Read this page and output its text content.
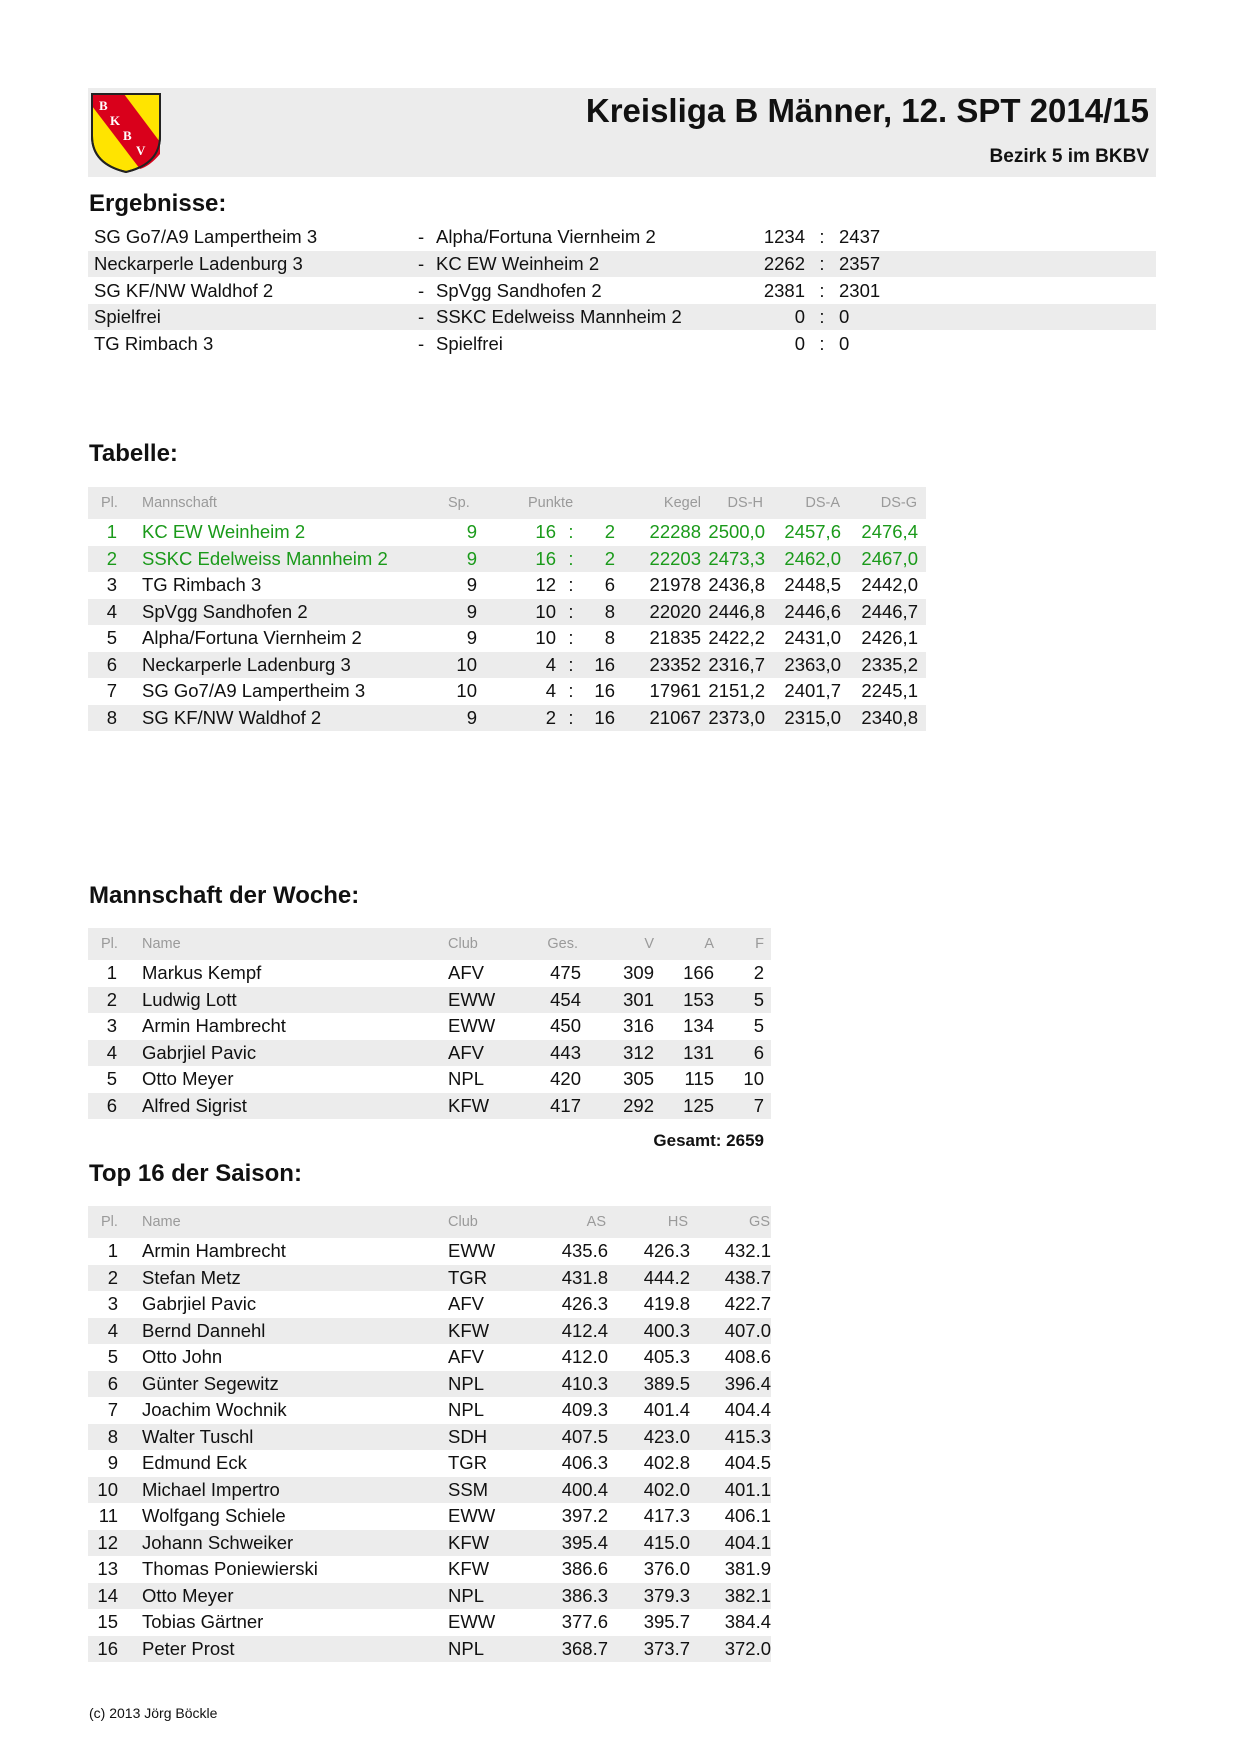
B
K
B
V
Kreisliga B Männer, 12. SPT 2014/15
Bezirk 5 im BKBV
Ergebnisse:
SG Go7/A9 Lampertheim 3	- Alpha/Fortuna Viernheim 2	1234 : 2437
Neckarperle Ladenburg 3	- KC EW Weinheim 2	2262 : 2357
SG KF/NW Waldhof 2	- SpVgg Sandhofen 2	2381 : 2301
Spielfrei	- SSKC Edelweiss Mannheim 2	0 : 0
TG Rimbach 3	- Spielfrei	0 : 0
Tabelle:
Pl. Mannschaft	Sp.	Punkte	Kegel	DS-H	DS-A	DS-G
1 KC EW Weinheim 2	9	16 :	2	22288 2500,0	2457,6	2476,4
2 SSKC Edelweiss Mannheim 2	9	16 :	2	22203 2473,3	2462,0	2467,0
3 TG Rimbach 3	9	12 :	6	21978 2436,8	2448,5	2442,0
4 SpVgg Sandhofen 2	9	10 :	8	22020 2446,8	2446,6	2446,7
5 Alpha/Fortuna Viernheim 2	9	10 :	8	21835 2422,2	2431,0	2426,1
6 Neckarperle Ladenburg 3	10	4 :	16	23352 2316,7	2363,0	2335,2
7 SG Go7/A9 Lampertheim 3	10	4 :	16	17961 2151,2	2401,7	2245,1
8 SG KF/NW Waldhof 2	9	2 :	16	21067 2373,0	2315,0	2340,8
Mannschaft der Woche:
Pl. Name	Club	Ges.	V	A	F
1 Markus Kempf	AFV	475	309	166	2
2 Ludwig Lott	EWW	454	301	153	5
3 Armin Hambrecht	EWW	450	316	134	5
4 Gabrjiel Pavic	AFV	443	312	131	6
5 Otto Meyer	NPL	420	305	115	10
6 Alfred Sigrist	KFW	417	292	125	7
Gesamt: 2659
Top 16 der Saison:
Pl. Name	Club	AS	HS	GS
1 Armin Hambrecht	EWW	435.6	426.3	432.1
2 Stefan Metz	TGR	431.8	444.2	438.7
3 Gabrjiel Pavic	AFV	426.3	419.8	422.7
4 Bernd Dannehl	KFW	412.4	400.3	407.0
5 Otto John	AFV	412.0	405.3	408.6
6 Günter Segewitz	NPL	410.3	389.5	396.4
7 Joachim Wochnik	NPL	409.3	401.4	404.4
8 Walter Tuschl	SDH	407.5	423.0	415.3
9 Edmund Eck	TGR	406.3	402.8	404.5
10 Michael Impertro	SSM	400.4	402.0	401.1
11 Wolfgang Schiele	EWW	397.2	417.3	406.1
12 Johann Schweiker	KFW	395.4	415.0	404.1
13 Thomas Poniewierski	KFW	386.6	376.0	381.9
14 Otto Meyer	NPL	386.3	379.3	382.1
15 Tobias Gärtner	EWW	377.6	395.7	384.4
16 Peter Prost	NPL	368.7	373.7	372.0
(c) 2013 Jörg Böckle
